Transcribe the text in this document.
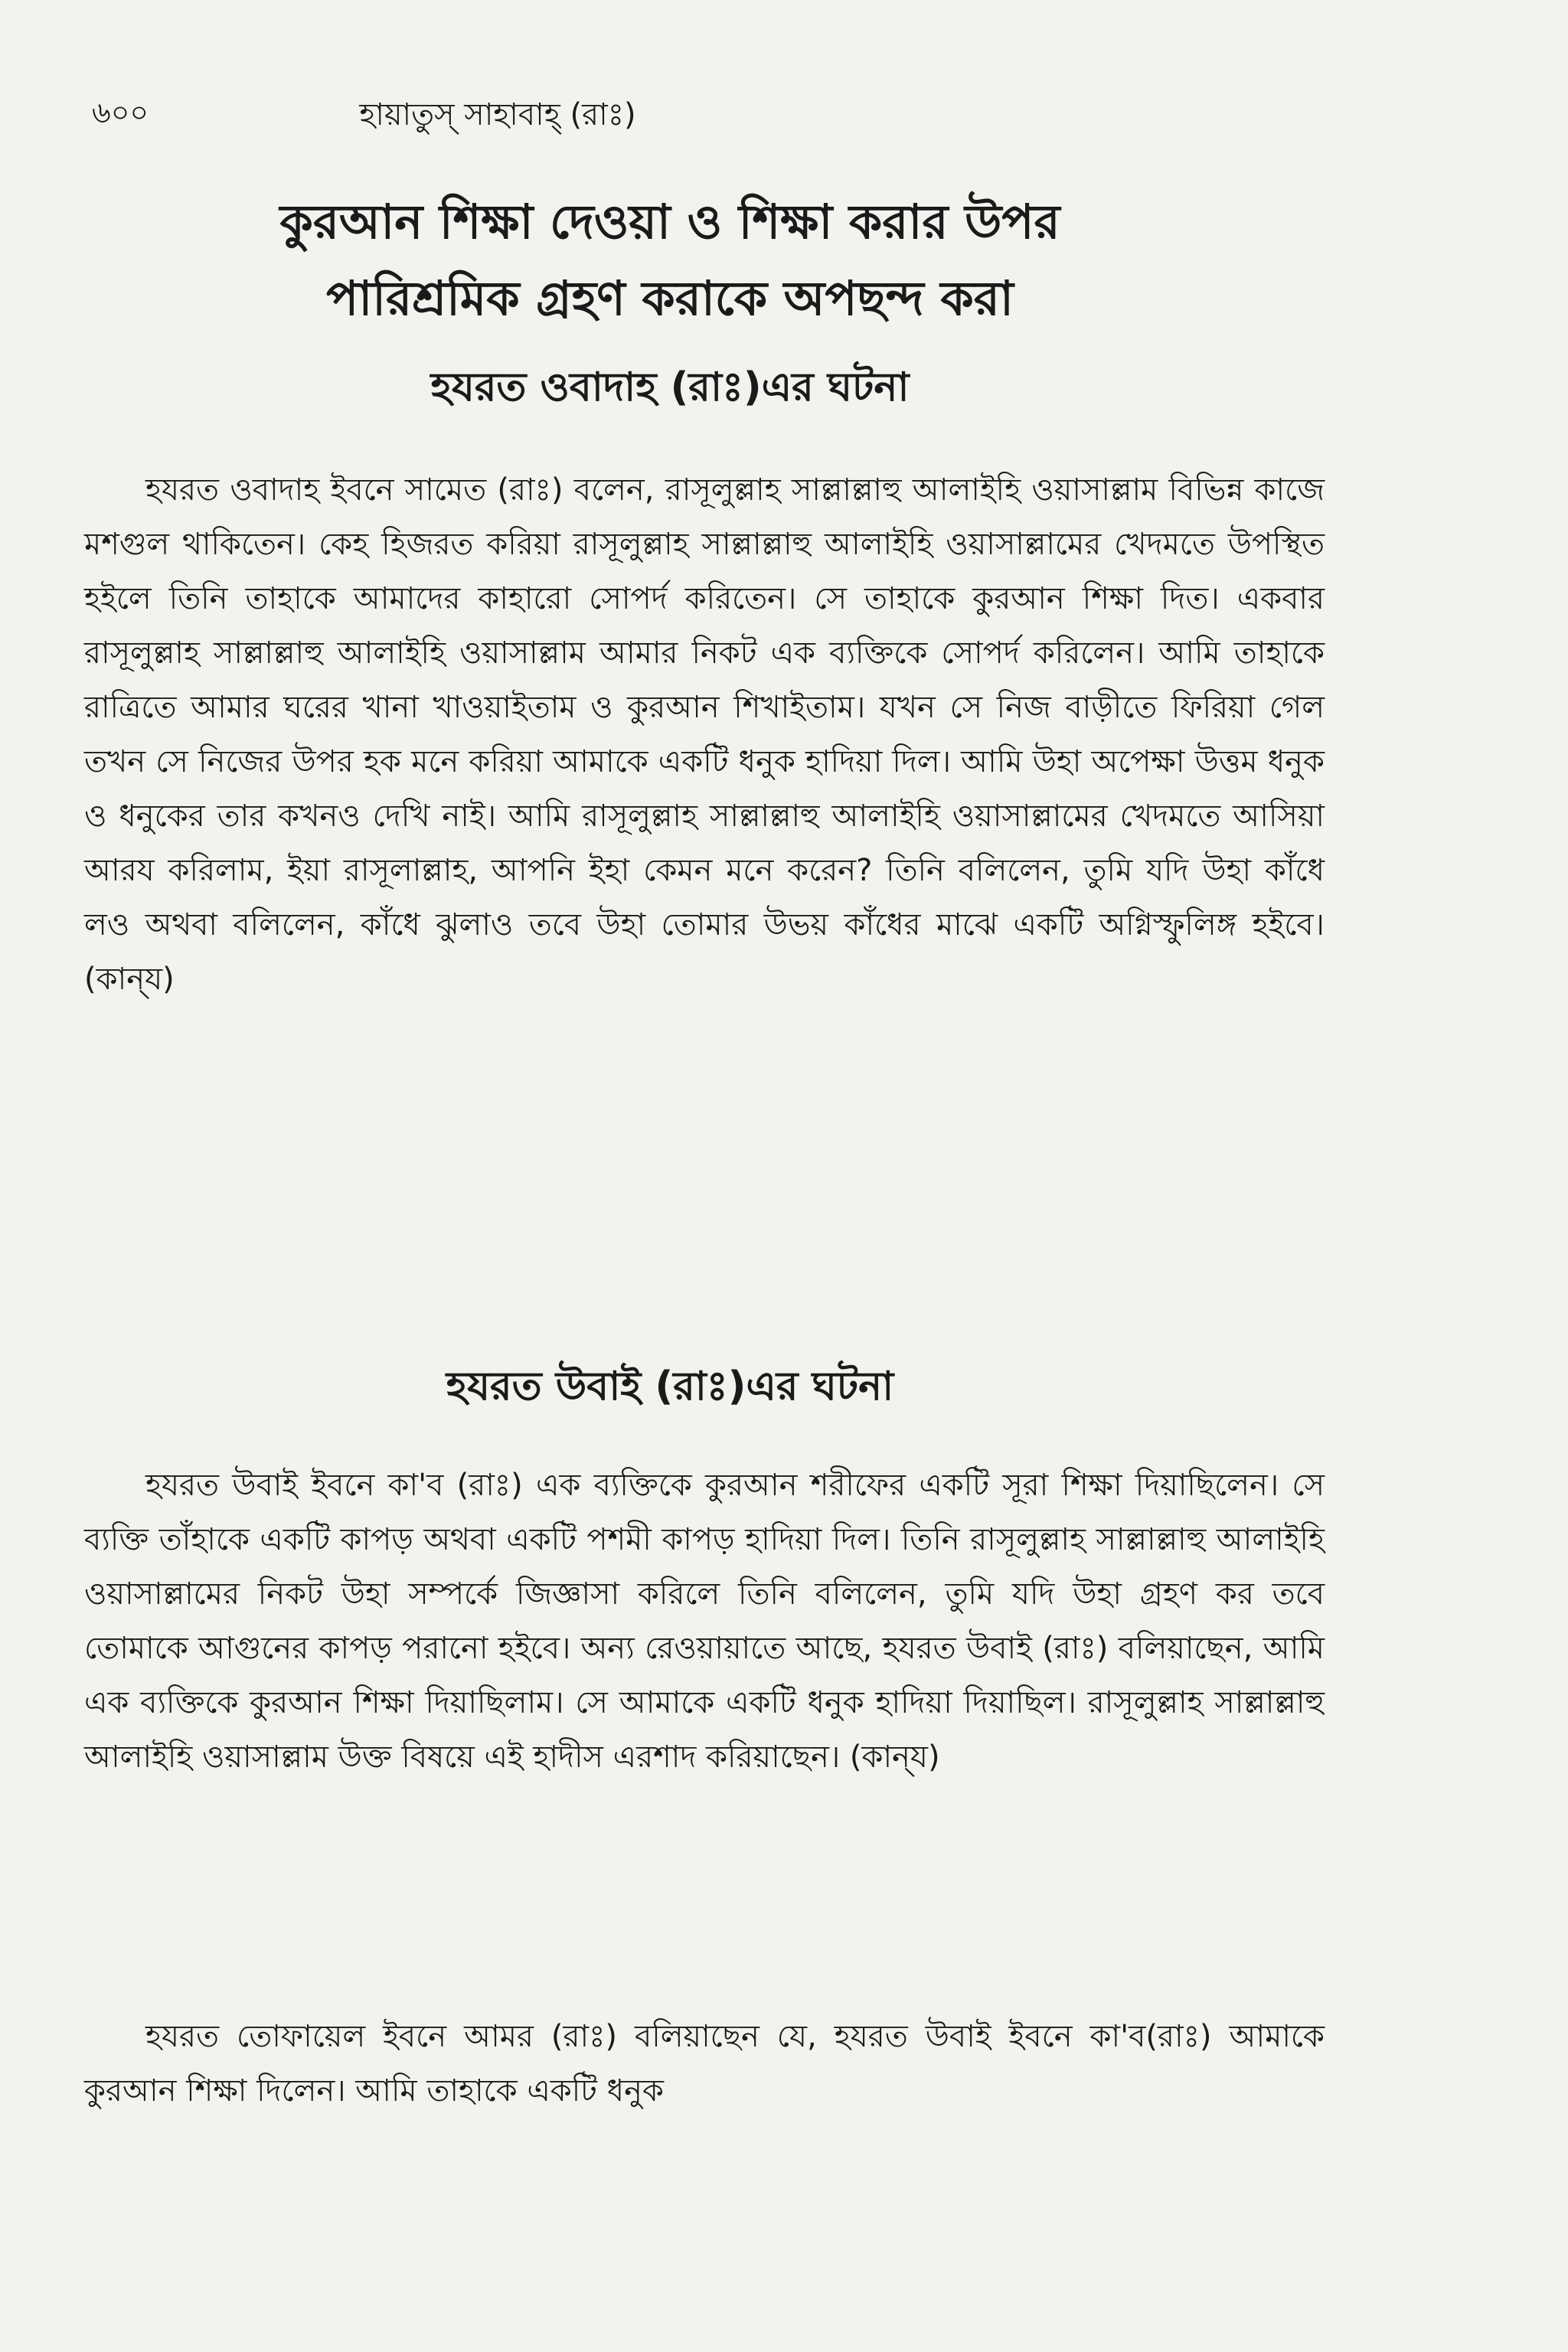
৬০০	হায়াতুস্ সাহাবাহ্ (রাঃ)
কুরআন শিক্ষা দেওয়া ও শিক্ষা করার উপর
পারিশ্রমিক গ্রহণ করাকে অপছন্দ করা
হযরত ওবাদাহ (রাঃ)এর ঘটনা

হযরত ওবাদাহ ইবনে সামেত (রাঃ) বলেন, রাসূলুল্লাহ সাল্লাল্লাহু আলাইহি ওয়াসাল্লাম বিভিন্ন কাজে মশগুল থাকিতেন। কেহ হিজরত করিয়া রাসূলুল্লাহ সাল্লাল্লাহু আলাইহি ওয়াসাল্লামের খেদমতে উপস্থিত হইলে তিনি তাহাকে আমাদের কাহারো সোপর্দ করিতেন। সে তাহাকে কুরআন শিক্ষা দিত। একবার রাসূলুল্লাহ সাল্লাল্লাহু আলাইহি ওয়াসাল্লাম আমার নিকট এক ব্যক্তিকে সোপর্দ করিলেন। আমি তাহাকে রাত্রিতে আমার ঘরের খানা খাওয়াইতাম ও কুরআন শিখাইতাম। যখন সে নিজ বাড়ীতে ফিরিয়া গেল তখন সে নিজের উপর হক মনে করিয়া আমাকে একটি ধনুক হাদিয়া দিল। আমি উহা অপেক্ষা উত্তম ধনুক ও ধনুকের তার কখনও দেখি নাই। আমি রাসূলুল্লাহ সাল্লাল্লাহু আলাইহি ওয়াসাল্লামের খেদমতে আসিয়া আরয করিলাম, ইয়া রাসূলাল্লাহ, আপনি ইহা কেমন মনে করেন? তিনি বলিলেন, তুমি যদি উহা কাঁধে লও অথবা বলিলেন, কাঁধে ঝুলাও তবে উহা তোমার উভয় কাঁধের মাঝে একটি অগ্নিস্ফুলিঙ্গ হইবে। (কান্‌য)

হযরত উবাই (রাঃ)এর ঘটনা

হযরত উবাই ইবনে কা'ব (রাঃ) এক ব্যক্তিকে কুরআন শরীফের একটি সূরা শিক্ষা দিয়াছিলেন। সে ব্যক্তি তাঁহাকে একটি কাপড় অথবা একটি পশমী কাপড় হাদিয়া দিল। তিনি রাসূলুল্লাহ সাল্লাল্লাহু আলাইহি ওয়াসাল্লামের নিকট উহা সম্পর্কে জিজ্ঞাসা করিলে তিনি বলিলেন, তুমি যদি উহা গ্রহণ কর তবে তোমাকে আগুনের কাপড় পরানো হইবে। অন্য রেওয়ায়াতে আছে, হযরত উবাই (রাঃ) বলিয়াছেন, আমি এক ব্যক্তিকে কুরআন শিক্ষা দিয়াছিলাম। সে আমাকে একটি ধনুক হাদিয়া দিয়াছিল। রাসূলুল্লাহ সাল্লাল্লাহু আলাইহি ওয়াসাল্লাম উক্ত বিষয়ে এই হাদীস এরশাদ করিয়াছেন। (কান্‌য)

হযরত তোফায়েল ইবনে আমর (রাঃ) বলিয়াছেন যে, হযরত উবাই ইবনে কা'ব(রাঃ) আমাকে কুরআন শিক্ষা দিলেন। আমি তাহাকে একটি ধনুক
